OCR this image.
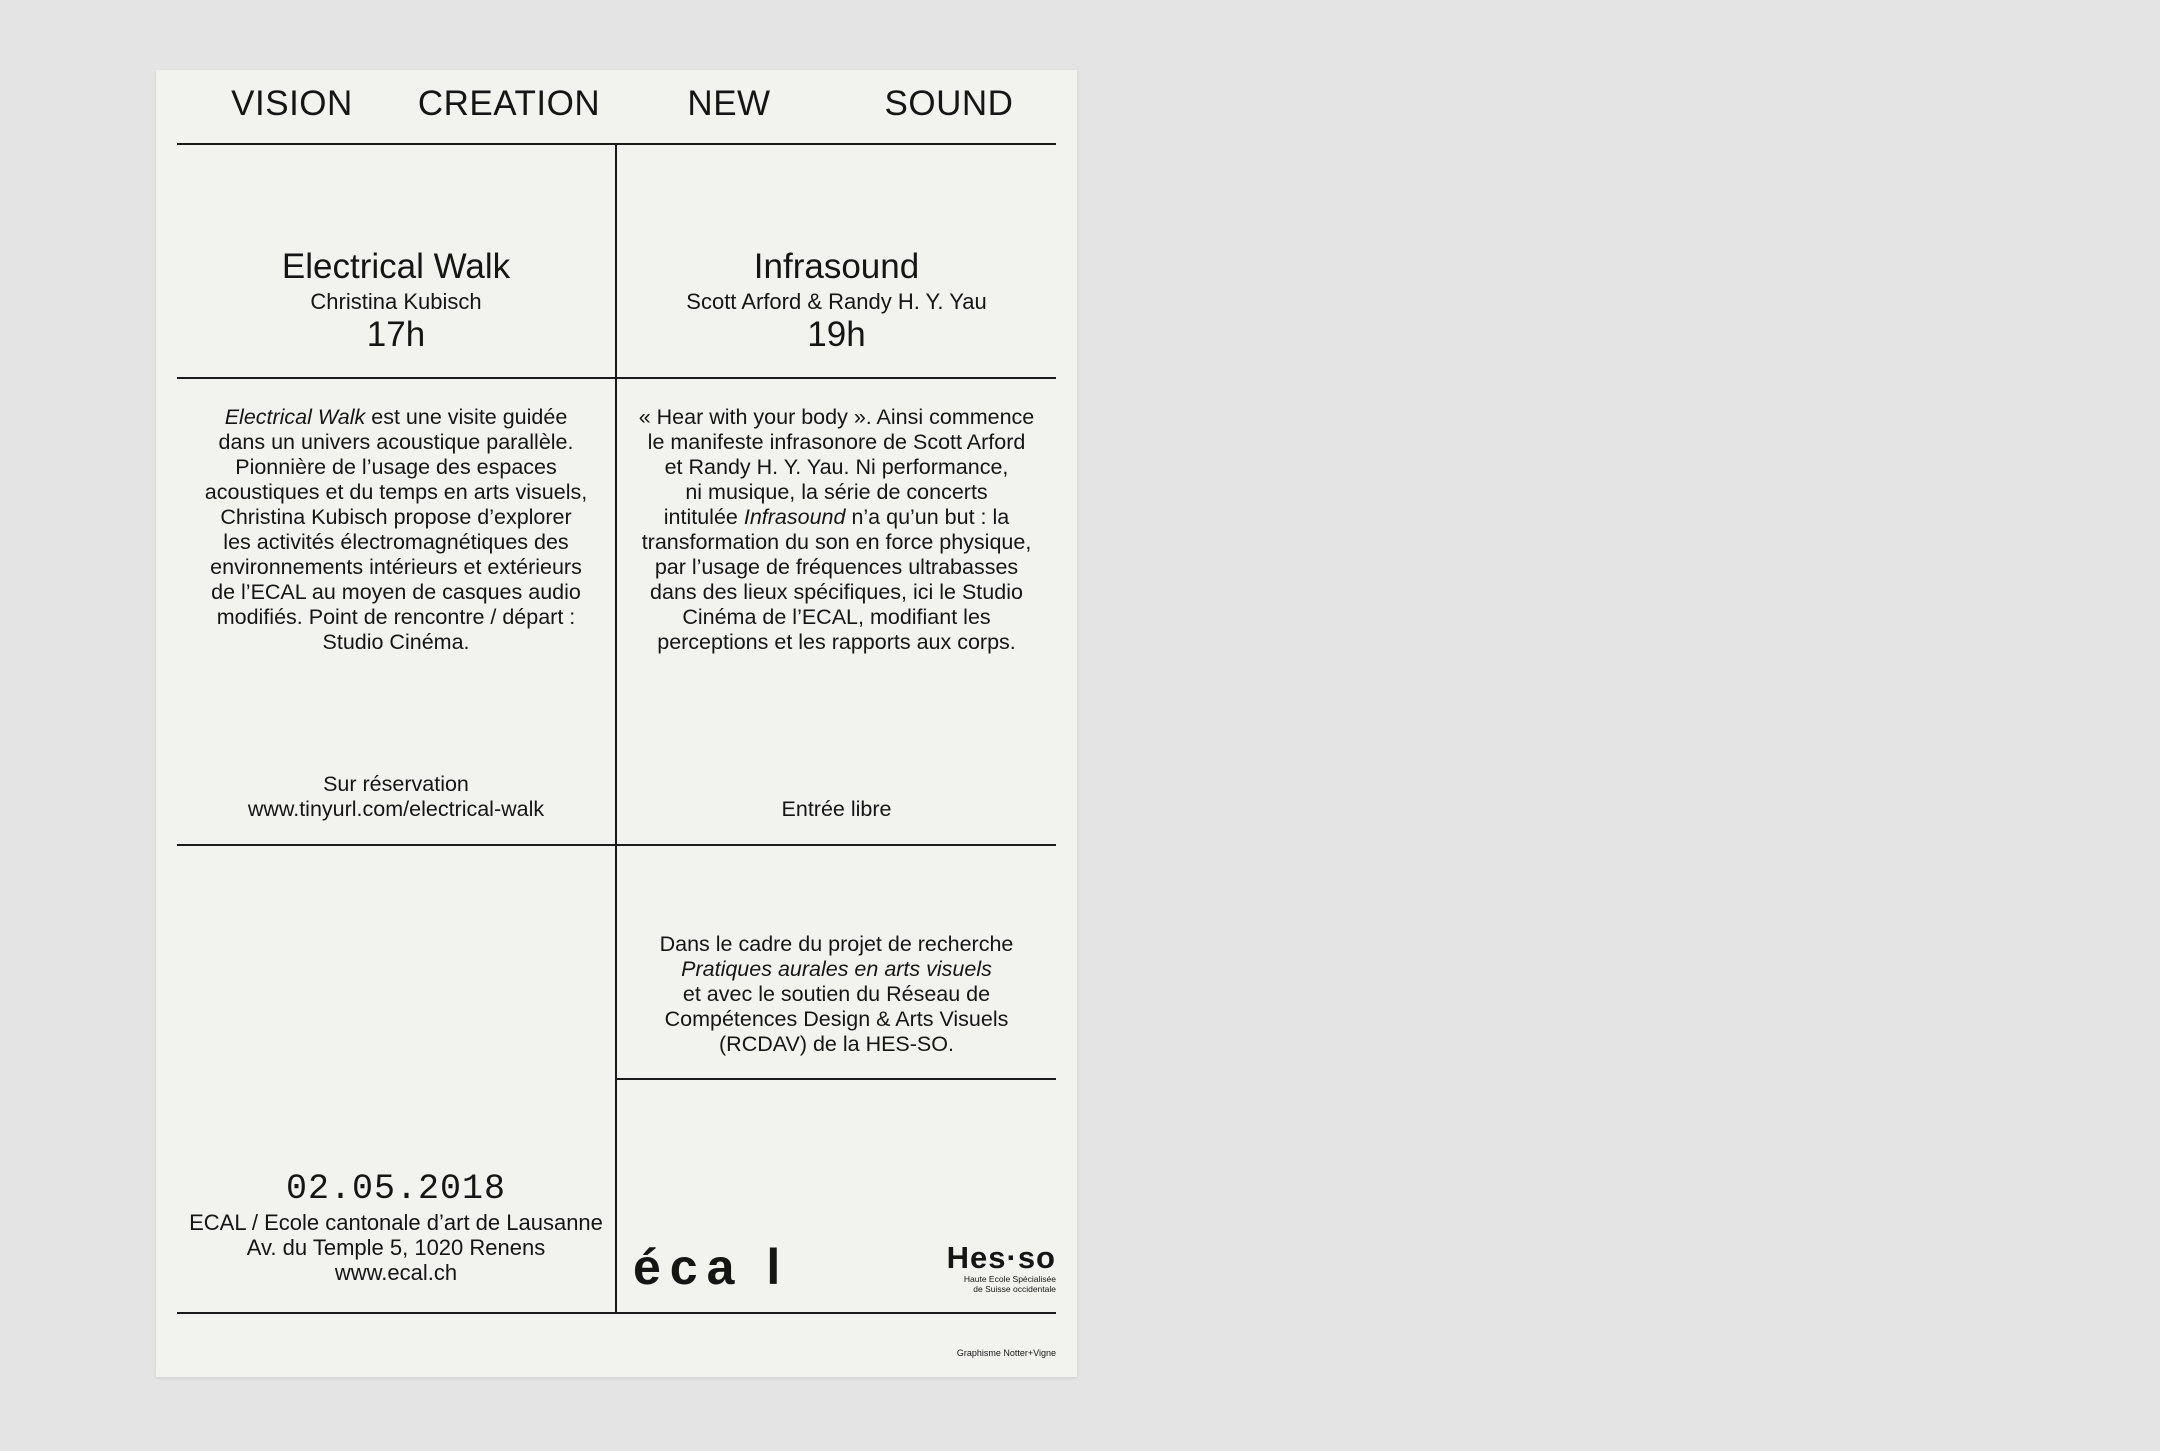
VISION	CREATION	NEW	SOUND
Electrical Walk
Christina Kubisch
17h
Infrasound
Scott Arford & Randy H. Y. Yau
19h
Electrical Walk est une visite guidée
dans un univers acoustique parallèle.
Pionnière de l’usage des espaces
acoustiques et du temps en arts visuels,
Christina Kubisch propose d’explorer
les activités électromagnétiques des
environnements intérieurs et extérieurs
de l’ECAL au moyen de casques audio
modifiés. Point de rencontre / départ :
Studio Cinéma.
« Hear with your body ». Ainsi commence
le manifeste infrasonore de Scott Arford
et Randy H. Y. Yau. Ni performance,
ni musique, la série de concerts
intitulée Infrasound n’a qu’un but : la
transformation du son en force physique,
par l’usage de fréquences ultrabasses
dans des lieux spécifiques, ici le Studio
Cinéma de l’ECAL, modifiant les
perceptions et les rapports aux corps.
Sur réservation
www.tinyurl.com/electrical-walk	Entrée libre
Dans le cadre du projet de recherche
Pratiques aurales en arts visuels
et avec le soutien du Réseau de
Compétences Design & Arts Visuels
(RCDAV) de la HES-SO.
02.05.2018
ECAL / Ecole cantonale d’art de Lausanne
Av. du Temple 5, 1020 Renens
www.ecal.ch	éca l	Hes·so
Haute Ecole Spécialisée
de Suisse occidentale
Graphisme Notter+Vigne
